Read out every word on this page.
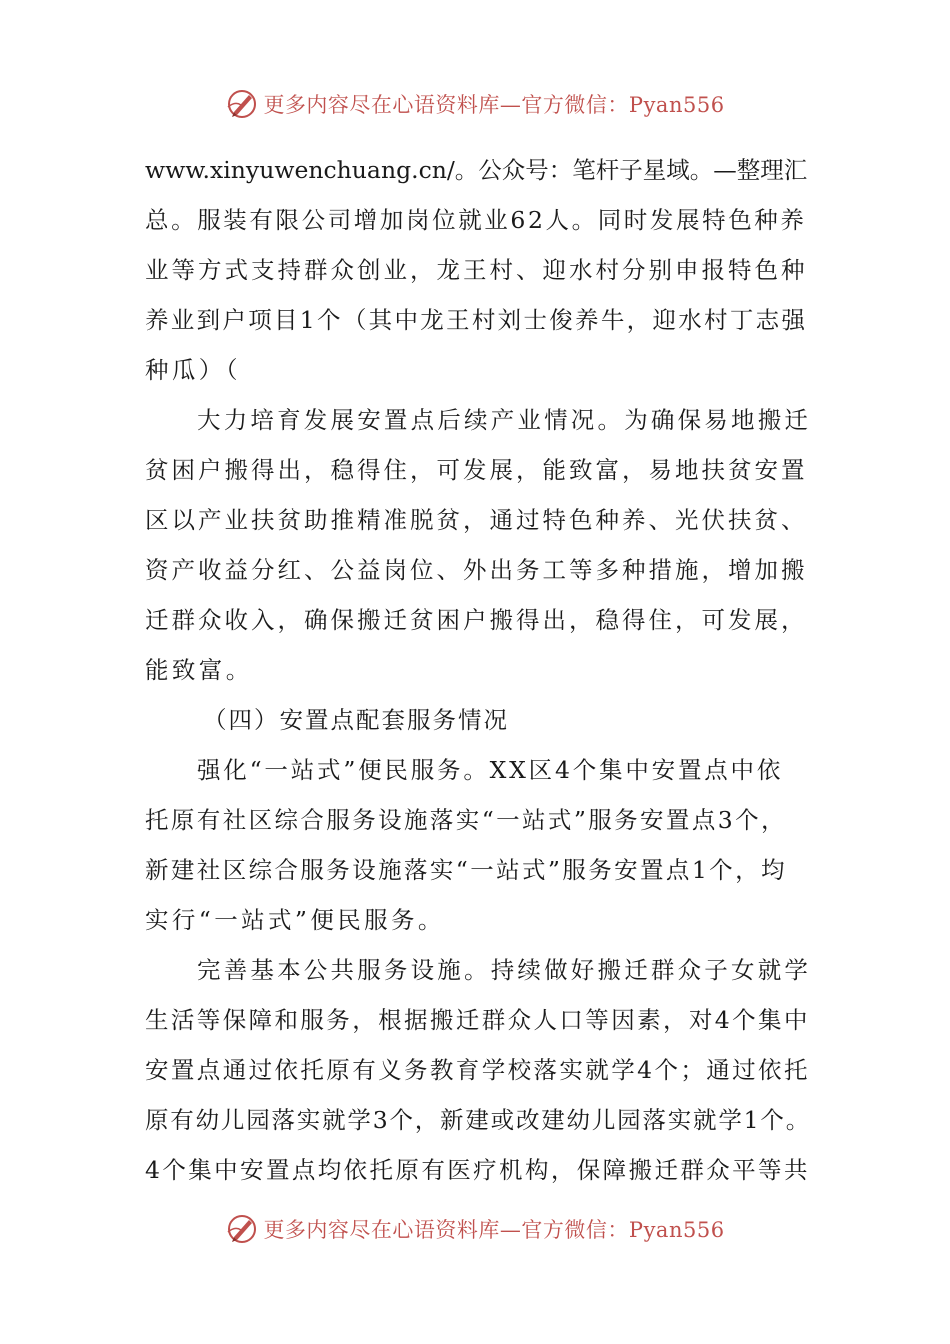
更多内容尽在心语资料库—官方微信：Pyan556
www.xinyuwenchuang.cn/。公众号：笔杆子星域。—整理汇
总。服装有限公司增加岗位就业62人。同时发展特色种养
业等方式支持群众创业，龙王村、迎水村分别申报特色种
养业到户项目1个（其中龙王村刘士俊养牛，迎水村丁志强
种瓜）（
大力培育发展安置点后续产业情况。为确保易地搬迁
贫困户搬得出，稳得住，可发展，能致富，易地扶贫安置
区以产业扶贫助推精准脱贫，通过特色种养、光伏扶贫、
资产收益分红、公益岗位、外出务工等多种措施，增加搬
迁群众收入，确保搬迁贫困户搬得出，稳得住，可发展，
能致富。
（四）安置点配套服务情况
强化“一站式”便民服务。XX区4个集中安置点中依
托原有社区综合服务设施落实“一站式”服务安置点3个，
新建社区综合服务设施落实“一站式”服务安置点1个，均
实行“一站式”便民服务。
完善基本公共服务设施。持续做好搬迁群众子女就学
生活等保障和服务，根据搬迁群众人口等因素，对4个集中
安置点通过依托原有义务教育学校落实就学4个；通过依托
原有幼儿园落实就学3个，新建或改建幼儿园落实就学1个。
4个集中安置点均依托原有医疗机构，保障搬迁群众平等共
更多内容尽在心语资料库—官方微信：Pyan556
